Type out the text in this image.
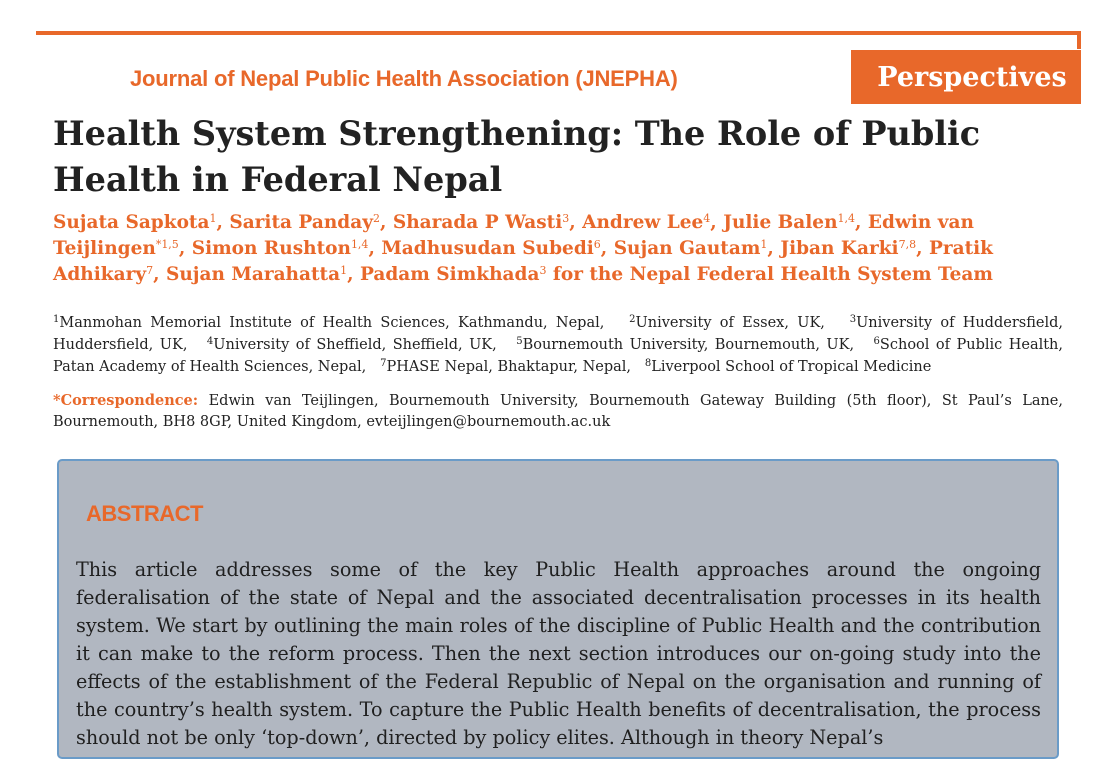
Journal of Nepal Public Health Association (JNEPHA)	Perspectives
Health System Strengthening: The Role of Public Health in Federal Nepal
Sujata Sapkota$^1$, Sarita Panday$^2$, Sharada P Wasti$^3$, Andrew Lee$^4$, Julie Balen$^{1,4}$, Edwin van Teijlingen$^{*1,5}$, Simon Rushton$^{1,4}$, Madhusudan Subedi$^6$, Sujan Gautam$^1$, Jiban Karki$^{7,8}$, Pratik Adhikary$^7$, Sujan Marahatta$^1$, Padam Simkhada$^3$ for the Nepal Federal Health System Team
$^1$Manmohan Memorial Institute of Health Sciences, Kathmandu, Nepal, $^2$University of Essex, UK, $^3$University of Huddersfield, Huddersfield, UK, $^4$University of Sheffield, Sheffield, UK, $^5$Bournemouth University, Bournemouth, UK, $^6$School of Public Health, Patan Academy of Health Sciences, Nepal, $^7$PHASE Nepal, Bhaktapur, Nepal, $^8$Liverpool School of Tropical Medicine
*Correspondence: Edwin van Teijlingen, Bournemouth University, Bournemouth Gateway Building (5th floor), St Paul’s Lane, Bournemouth, BH8 8GP, United Kingdom, evteijlingen@bournemouth.ac.uk
ABSTRACT
This article addresses some of the key Public Health approaches around the ongoing federalisation of the state of Nepal and the associated decentralisation processes in its health system. We start by outlining the main roles of the discipline of Public Health and the contribution it can make to the reform process. Then the next section introduces our on-going study into the effects of the establishment of the Federal Republic of Nepal on the organisation and running of the country’s health system. To capture the Public Health benefits of decentralisation, the process should not be only ‘top-down’, directed by policy elites. Although in theory Nepal’s
